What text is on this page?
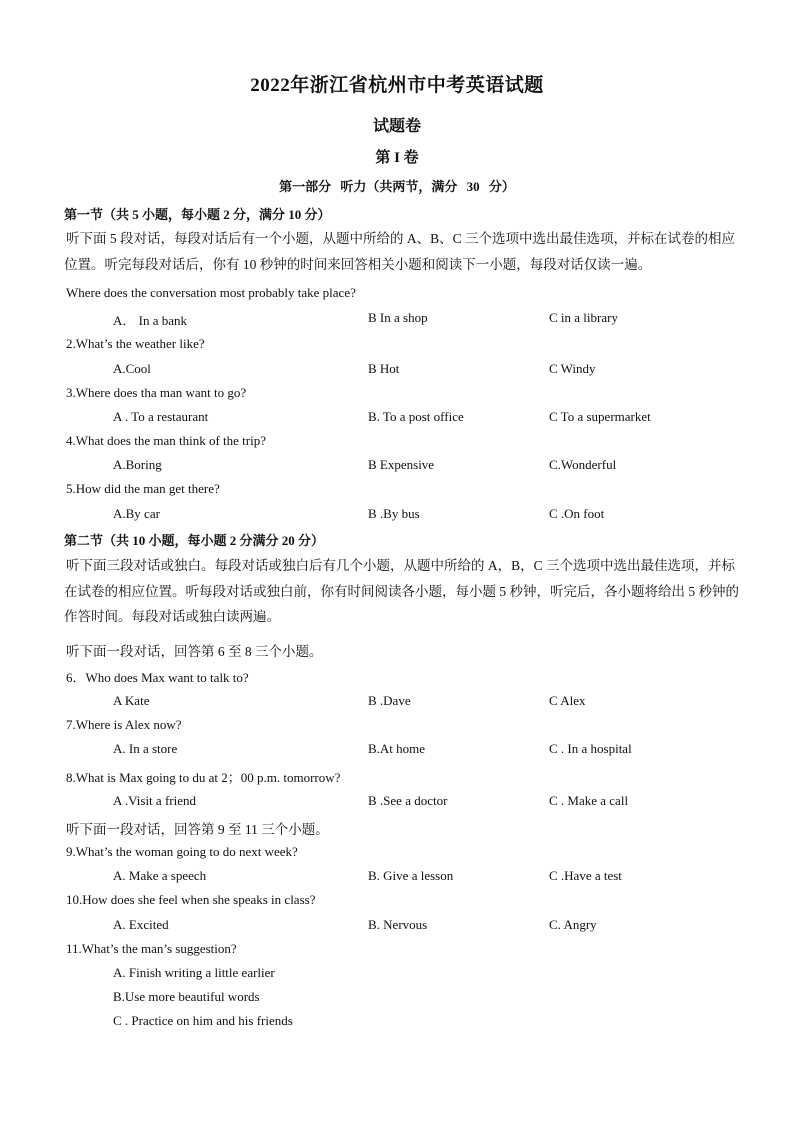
2022年浙江省杭州市中考英语试题
试题卷
第 I 卷
第一部分 听力（共两节，满分 30 分）
第一节（共 5 小题，每小题 2 分，满分 10 分）
听下面 5 段对话，每段对话后有一个小题，从题中所给的 A、B、C 三个选项中选出最佳选项，并标在试卷的相应位置。听完每段对话后，你有 10 秒钟的时间来回答相关小题和阅读下一小题，每段对话仅读一遍。
Where does the conversation most probably take place?
A． In a bank	B In a shop	C in a library
2.What’s the weather like?
A.Cool	B Hot	C Windy
3.Where does tha man want to go?
A . To a restaurant	B. To a post office	C To a supermarket
4.What does the man think of the trip?
A.Boring	B Expensive	C.Wonderful
5.How did the man get there?
A.By car	B .By bus	C .On foot
第二节（共 10 小题，每小题 2 分满分 20 分）
听下面三段对话或独白。每段对话或独白后有几个小题，从题中所给的 A，B，C 三个选项中选出最佳选项，并标在试卷的相应位置。听每段对话或独白前，你有时间阅读各小题，每小题 5 秒钟，听完后，各小题将给出 5 秒钟的作答时间。每段对话或独白读两遍。
听下面一段对话，回答第 6 至 8 三个小题。
6．Who does Max want to talk to?
A Kate	B .Dave	C Alex
7.Where is Alex now?
A. In a store	B.At home	C . In a hospital
8.What is Max going to du at 2；00 p.m. tomorrow?
A .Visit a friend	B .See a doctor	C . Make a call
听下面一段对话，回答第 9 至 11 三个小题。
9.What’s the woman going to do next week?
A. Make a speech	B. Give a lesson	C .Have a test
10.How does she feel when she speaks in class?
A. Excited	B. Nervous	C. Angry
11.What’s the man’s suggestion?
A. Finish writing a little earlier
B.Use more beautiful words
C . Practice on him and his friends
